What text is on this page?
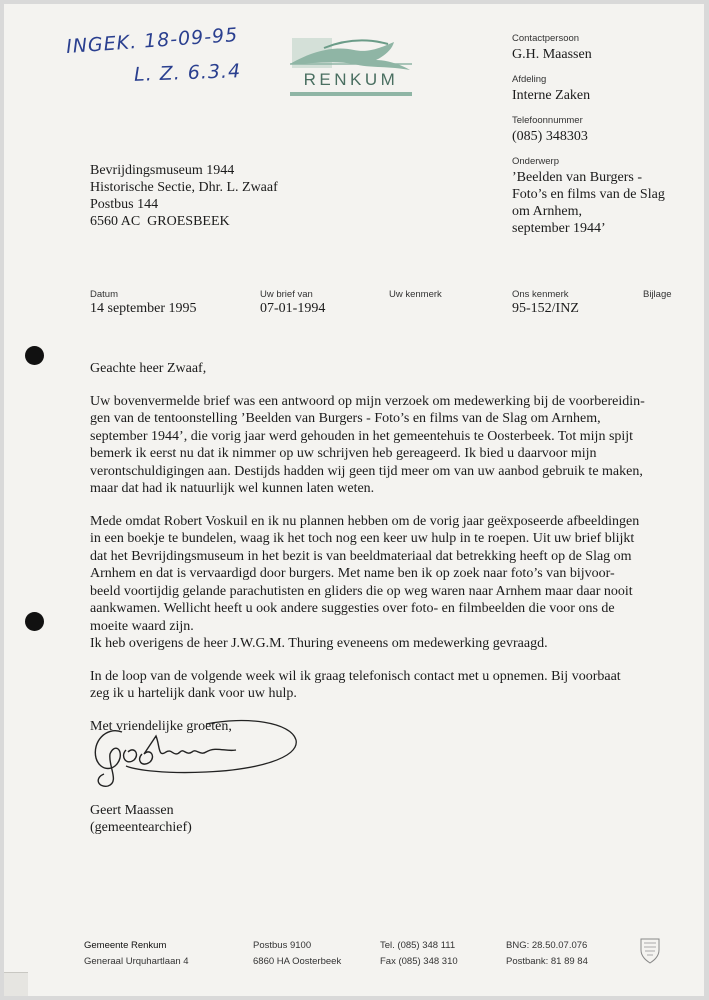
INGEK. 18-09-95
L. Z. 6.3.4	RENKUM
Contactpersoon
G.H. Maassen
Afdeling
Interne Zaken
Telefoonnummer
(085) 348303
Onderwerp
’Beelden van Burgers -
Foto’s en films van de Slag
om Arnhem,
september 1944’
Bevrijdingsmuseum 1944
Historische Sectie, Dhr. L. Zwaaf
Postbus 144
6560 AC  GROESBEEK
Datum
14 september 1995
Uw brief van
07-01-1994
Uw kenmerk	Ons kenmerk
95-152/INZ
Bijlage

Geachte heer Zwaaf,

Uw bovenvermelde brief was een antwoord op mijn verzoek om medewerking bij de voorbereidin-

gen van de tentoonstelling ’Beelden van Burgers - Foto’s en films van de Slag om Arnhem,

september 1944’, die vorig jaar werd gehouden in het gemeentehuis te Oosterbeek. Tot mijn spijt

bemerk ik eerst nu dat ik nimmer op uw schrijven heb gereageerd. Ik bied u daarvoor mijn

verontschuldigingen aan. Destijds hadden wij geen tijd meer om van uw aanbod gebruik te maken,

maar dat had ik natuurlijk wel kunnen laten weten.

Mede omdat Robert Voskuil en ik nu plannen hebben om de vorig jaar geëxposeerde afbeeldingen

in een boekje te bundelen, waag ik het toch nog een keer uw hulp in te roepen. Uit uw brief blijkt

dat het Bevrijdingsmuseum in het bezit is van beeldmateriaal dat betrekking heeft op de Slag om

Arnhem en dat is vervaardigd door burgers. Met name ben ik op zoek naar foto’s van bijvoor-

beeld voortijdig gelande parachutisten en gliders die op weg waren naar Arnhem maar daar nooit

aankwamen. Wellicht heeft u ook andere suggesties over foto- en filmbeelden die voor ons de

moeite waard zijn.

Ik heb overigens de heer J.W.G.M. Thuring eveneens om medewerking gevraagd.

In de loop van de volgende week wil ik graag telefonisch contact met u opnemen. Bij voorbaat

zeg ik u hartelijk dank voor uw hulp.

Met vriendelijke groeten,

Geert Maassen
(gemeentearchief)
Gemeente Renkum
Generaal Urquhartlaan 4
Postbus 9100
6860 HA Oosterbeek
Tel. (085) 348 111
Fax (085) 348 310
BNG: 28.50.07.076
Postbank: 81 89 84
